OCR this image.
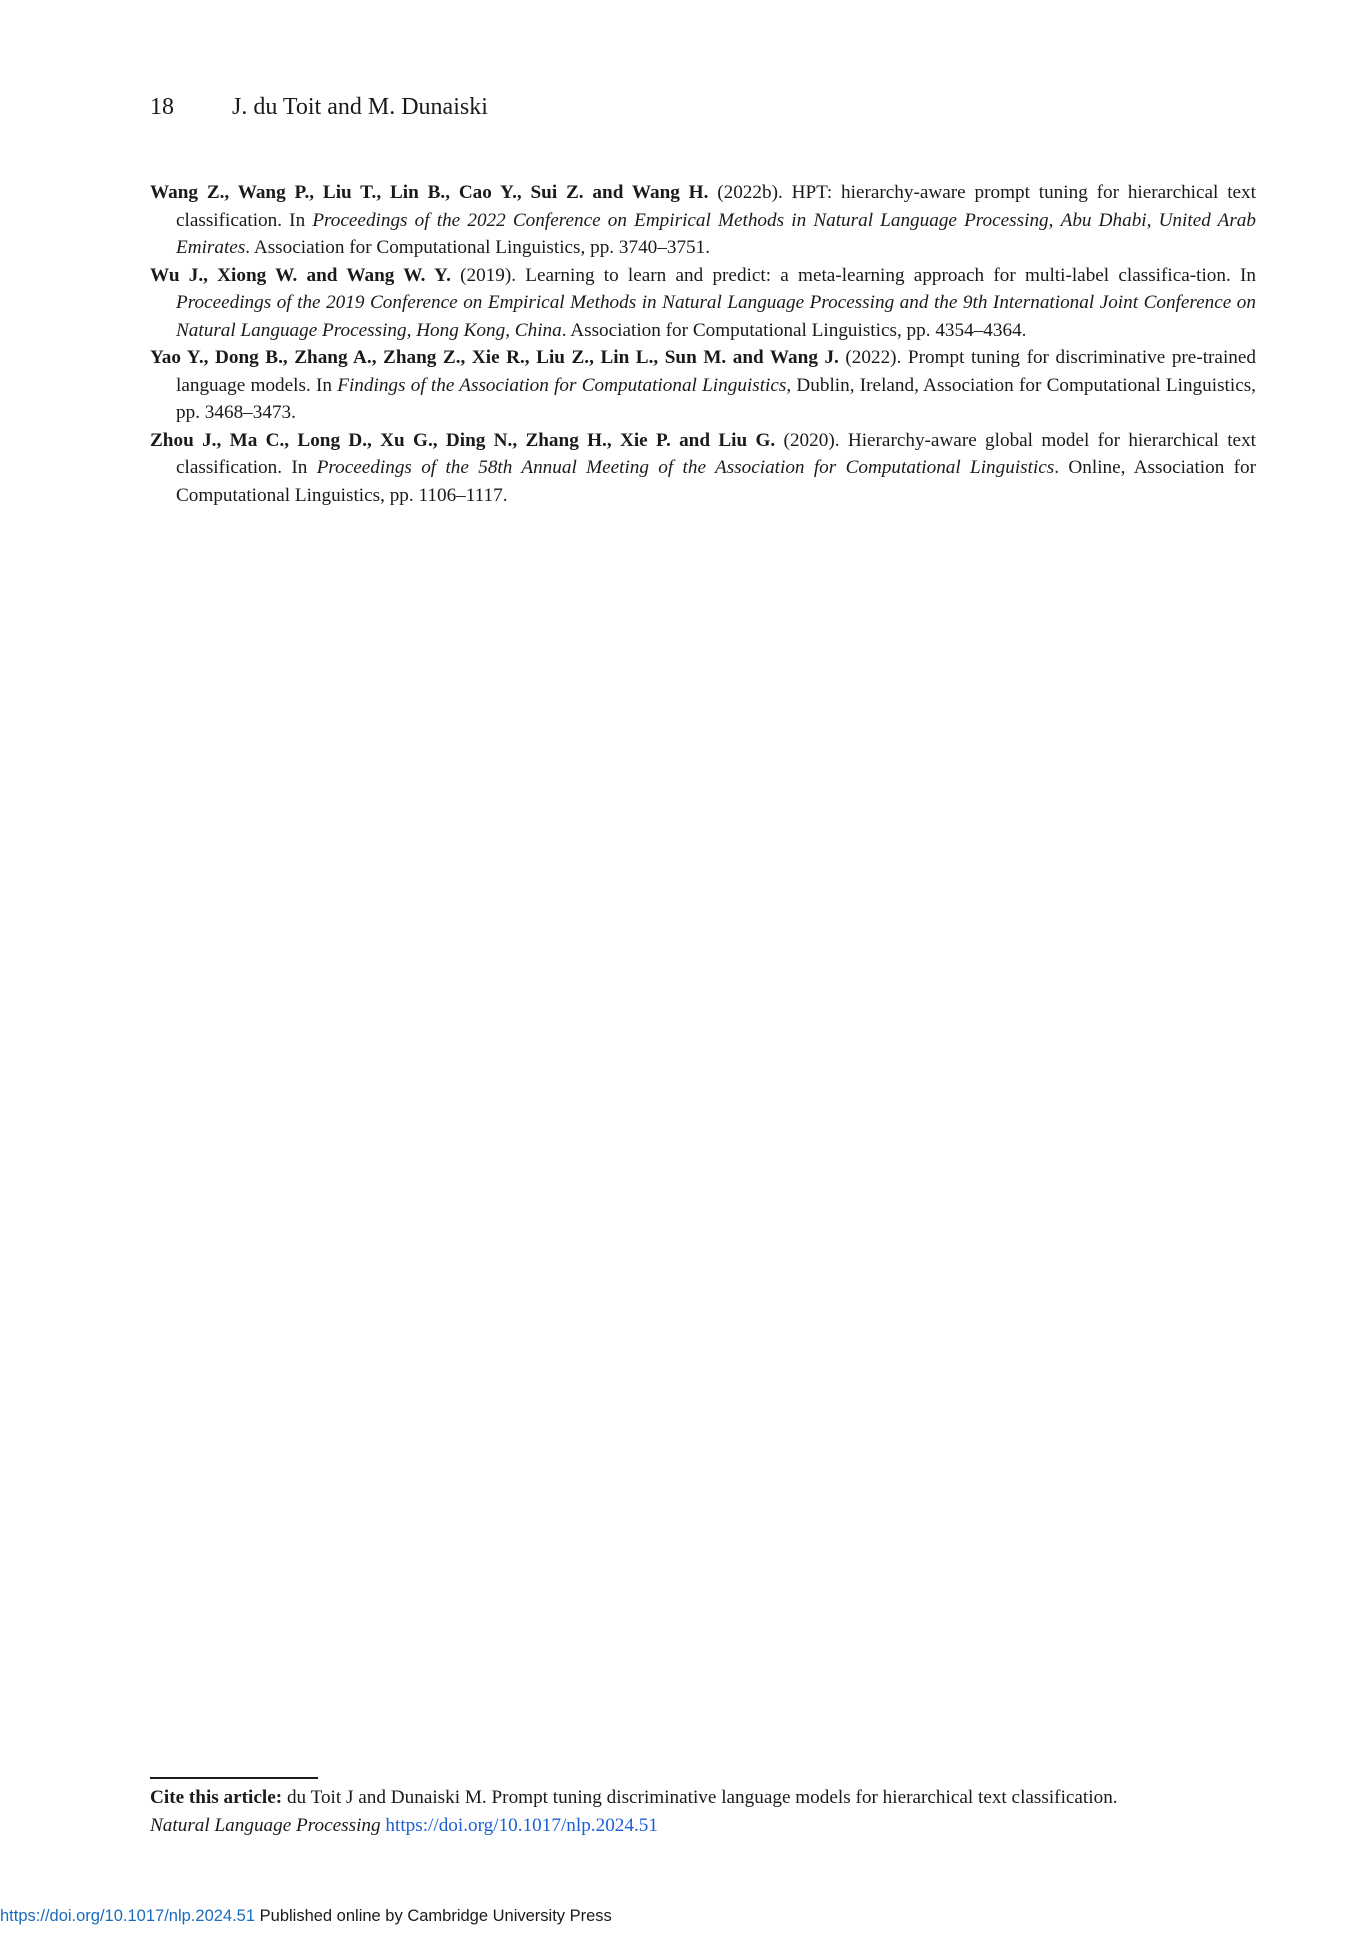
18 J. du Toit and M. Dunaiski

Wang Z., Wang P., Liu T., Lin B., Cao Y., Sui Z. and Wang H. (2022b). HPT: hierarchy-aware prompt tuning for hierarchical text classification. In Proceedings of the 2022 Conference on Empirical Methods in Natural Language Processing, Abu Dhabi, United Arab Emirates. Association for Computational Linguistics, pp. 3740–3751.

Wu J., Xiong W. and Wang W. Y. (2019). Learning to learn and predict: a meta-learning approach for multi-label classifica-tion. In Proceedings of the 2019 Conference on Empirical Methods in Natural Language Processing and the 9th International Joint Conference on Natural Language Processing, Hong Kong, China. Association for Computational Linguistics, pp. 4354–4364.

Yao Y., Dong B., Zhang A., Zhang Z., Xie R., Liu Z., Lin L., Sun M. and Wang J. (2022). Prompt tuning for discriminative pre-trained language models. In Findings of the Association for Computational Linguistics, Dublin, Ireland, Association for Computational Linguistics, pp. 3468–3473.

Zhou J., Ma C., Long D., Xu G., Ding N., Zhang H., Xie P. and Liu G. (2020). Hierarchy-aware global model for hierarchical text classification. In Proceedings of the 58th Annual Meeting of the Association for Computational Linguistics. Online, Association for Computational Linguistics, pp. 1106–1117.

Cite this article: du Toit J and Dunaiski M. Prompt tuning discriminative language models for hierarchical text classification.
Natural Language Processing https://doi.org/10.1017/nlp.2024.51
https://doi.org/10.1017/nlp.2024.51 Published online by Cambridge University Press
